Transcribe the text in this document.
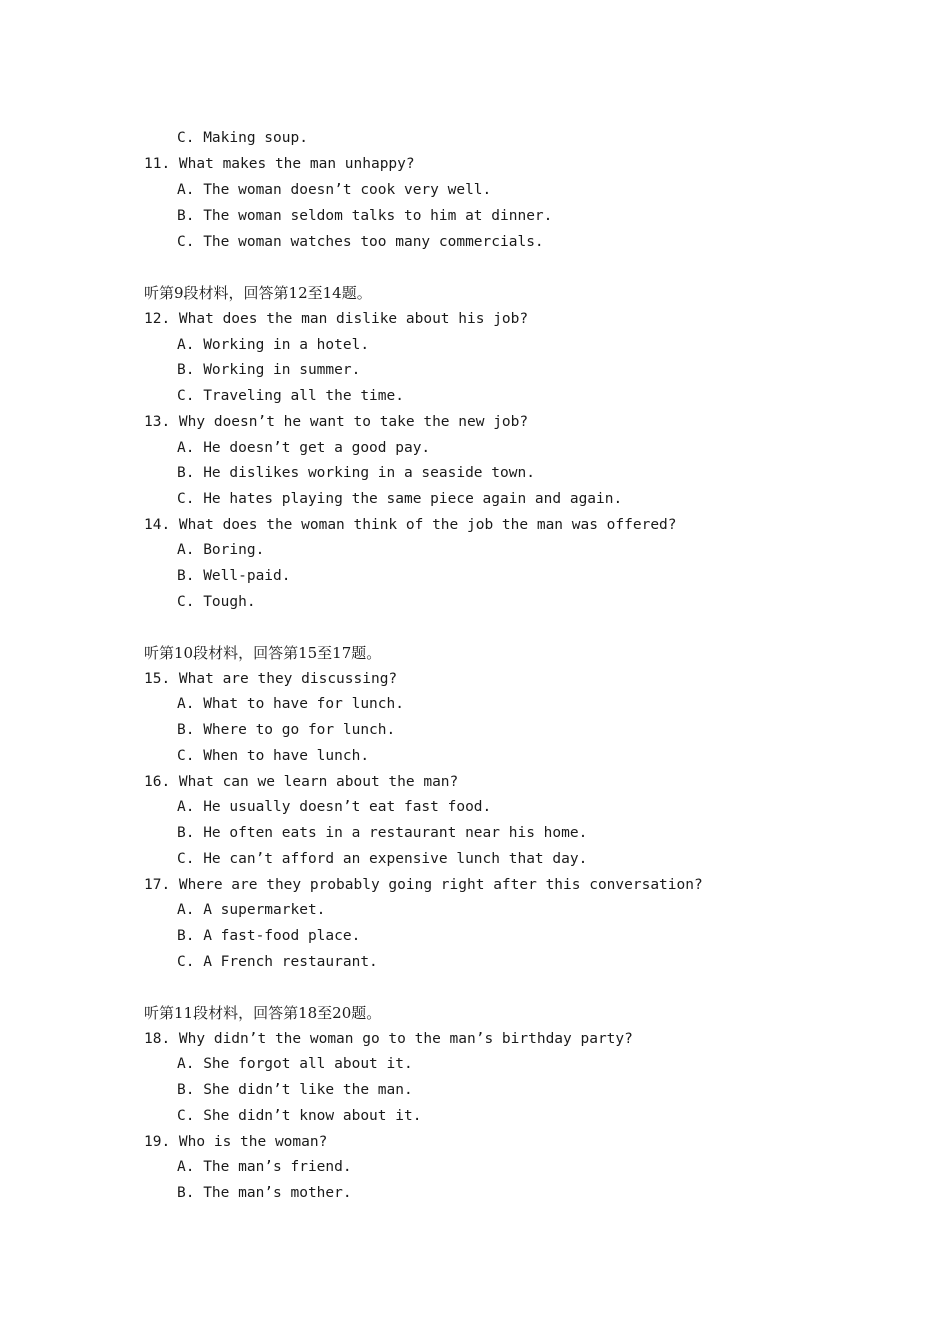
C. Making soup.
11. What makes the man unhappy?
A. The woman doesn’t cook very well.
B. The woman seldom talks to him at dinner.
C. The woman watches too many commercials.
听第9段材料，回答第12至14题。
12. What does the man dislike about his job?
A. Working in a hotel.
B. Working in summer.
C. Traveling all the time.
13. Why doesn’t he want to take the new job?
A. He doesn’t get a good pay.
B. He dislikes working in a seaside town.
C. He hates playing the same piece again and again.
14. What does the woman think of the job the man was offered?
A. Boring.
B. Well-paid.
C. Tough.
听第10段材料，回答第15至17题。
15. What are they discussing?
A. What to have for lunch.
B. Where to go for lunch.
C. When to have lunch.
16. What can we learn about the man?
A. He usually doesn’t eat fast food.
B. He often eats in a restaurant near his home.
C. He can’t afford an expensive lunch that day.
17. Where are they probably going right after this conversation?
A. A supermarket.
B. A fast-food place.
C. A French restaurant.
听第11段材料，回答第18至20题。
18. Why didn’t the woman go to the man’s birthday party?
A. She forgot all about it.
B. She didn’t like the man.
C. She didn’t know about it.
19. Who is the woman?
A. The man’s friend.
B. The man’s mother.
